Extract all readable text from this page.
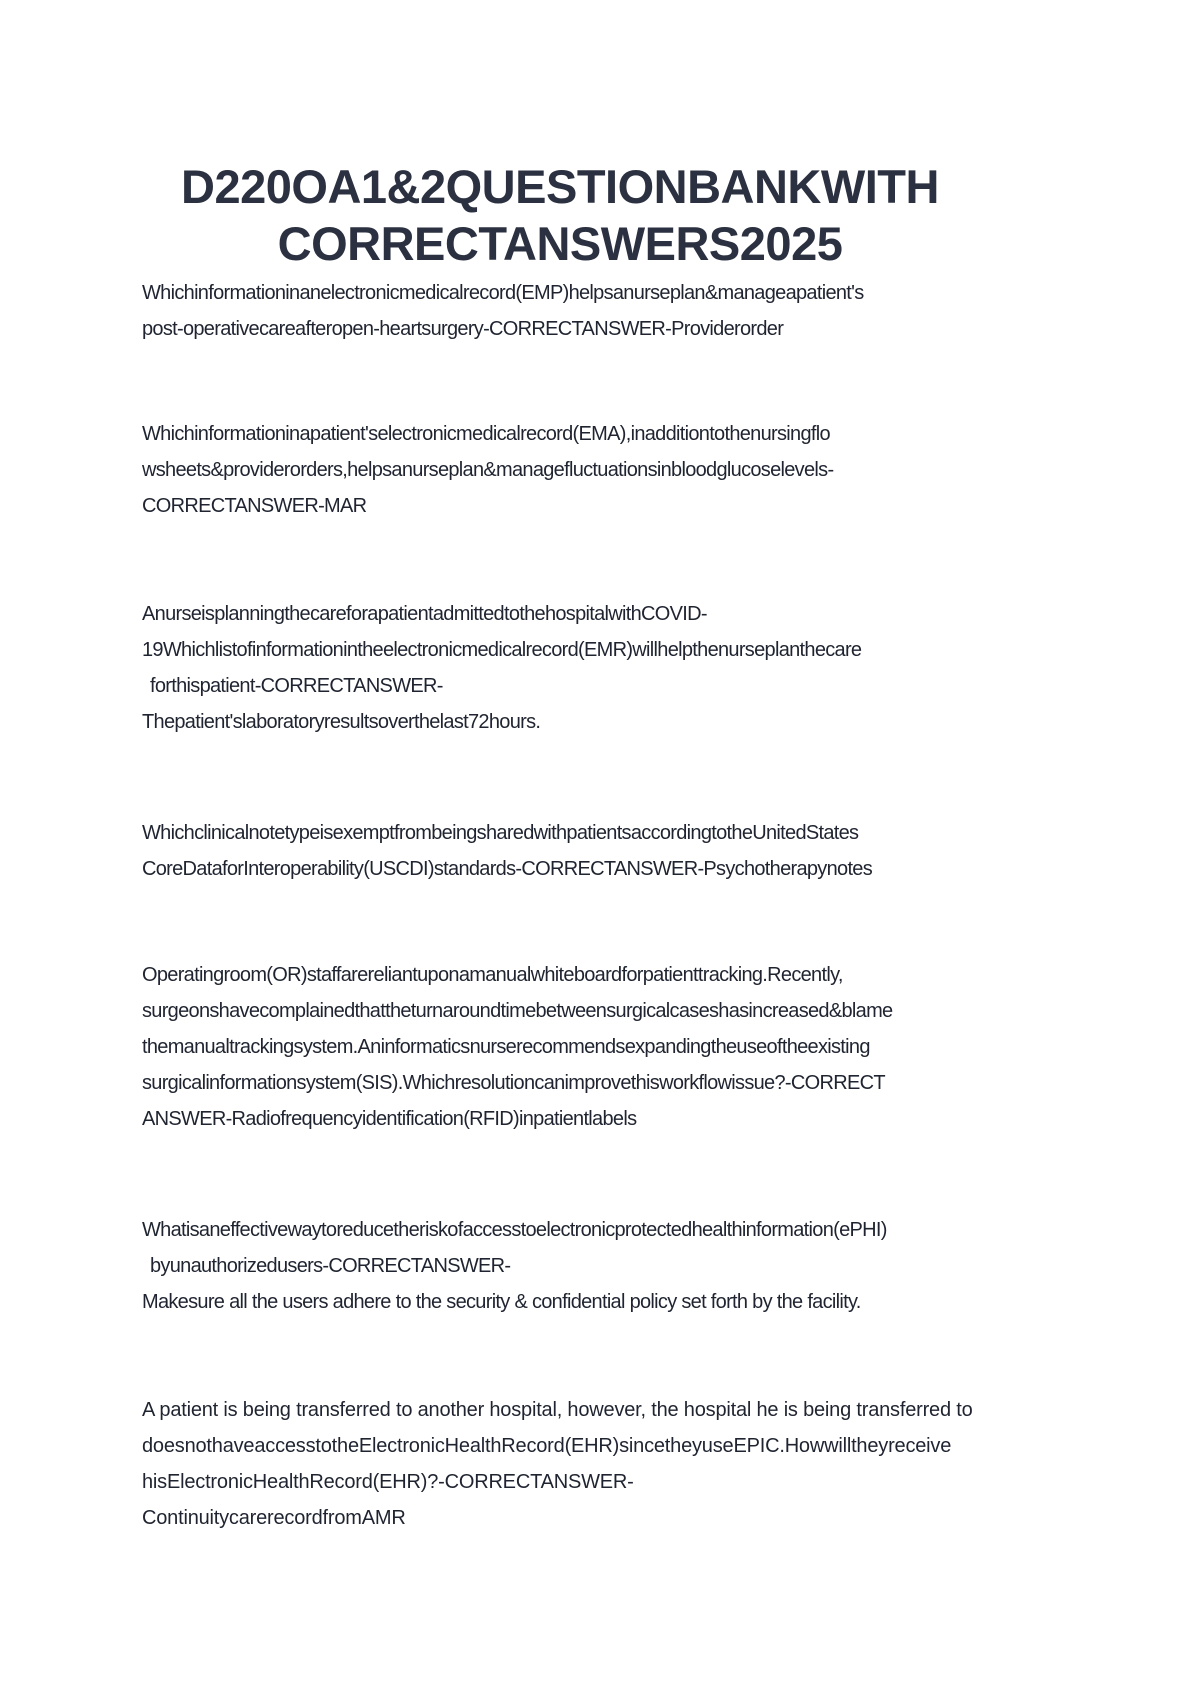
D220OA1&2QUESTIONBANKWITH
CORRECTANSWERS2025

Whichinformationinanelectronicmedicalrecord(EMP)helpsanurseplan&manageapatient's
post-operativecareafteropen-heartsurgery-CORRECTANSWER-Providerorder

Whichinformationinapatient'selectronicmedicalrecord(EMA),inadditiontothenursingflo
wsheets&providerorders,helpsanurseplan&managefluctuationsinbloodglucoselevels-
CORRECTANSWER-MAR

AnurseisplanningthecareforapatientadmittedtothehospitalwithCOVID-
19Whichlistofinformationintheelectronicmedicalrecord(EMR)willhelpthenurseplanthecare
forthispatient-CORRECTANSWER-
Thepatient'slaboratoryresultsoverthelast72hours.

WhichclinicalnotetypeisexemptfrombeingsharedwithpatientsaccordingtotheUnitedStates
CoreDataforInteroperability(USCDI)standards-CORRECTANSWER-Psychotherapynotes

Operatingroom(OR)staffarereliantuponamanualwhiteboardforpatienttracking.Recently,
surgeonshavecomplainedthattheturnaroundtimebetweensurgicalcaseshasincreased&blame
themanualtrackingsystem.Aninformaticsnurserecommendsexpandingtheuseoftheexisting
surgicalinformationsystem(SIS).Whichresolutioncanimprovethisworkflowissue?-CORRECT
ANSWER-Radiofrequencyidentification(RFID)inpatientlabels

Whatisaneffectivewaytoreducetheriskofaccesstoelectronicprotectedhealthinformation(ePHI)
byunauthorizedusers-CORRECTANSWER-
Makesure all the users adhere to the security & confidential policy set forth by the facility.

A patient is being transferred to another hospital, however, the hospital he is being transferred to
doesnothaveaccesstotheElectronicHealthRecord(EHR)sincetheyuseEPIC.Howwilltheyreceive
hisElectronicHealthRecord(EHR)?-CORRECTANSWER-
ContinuitycarerecordfromAMR
